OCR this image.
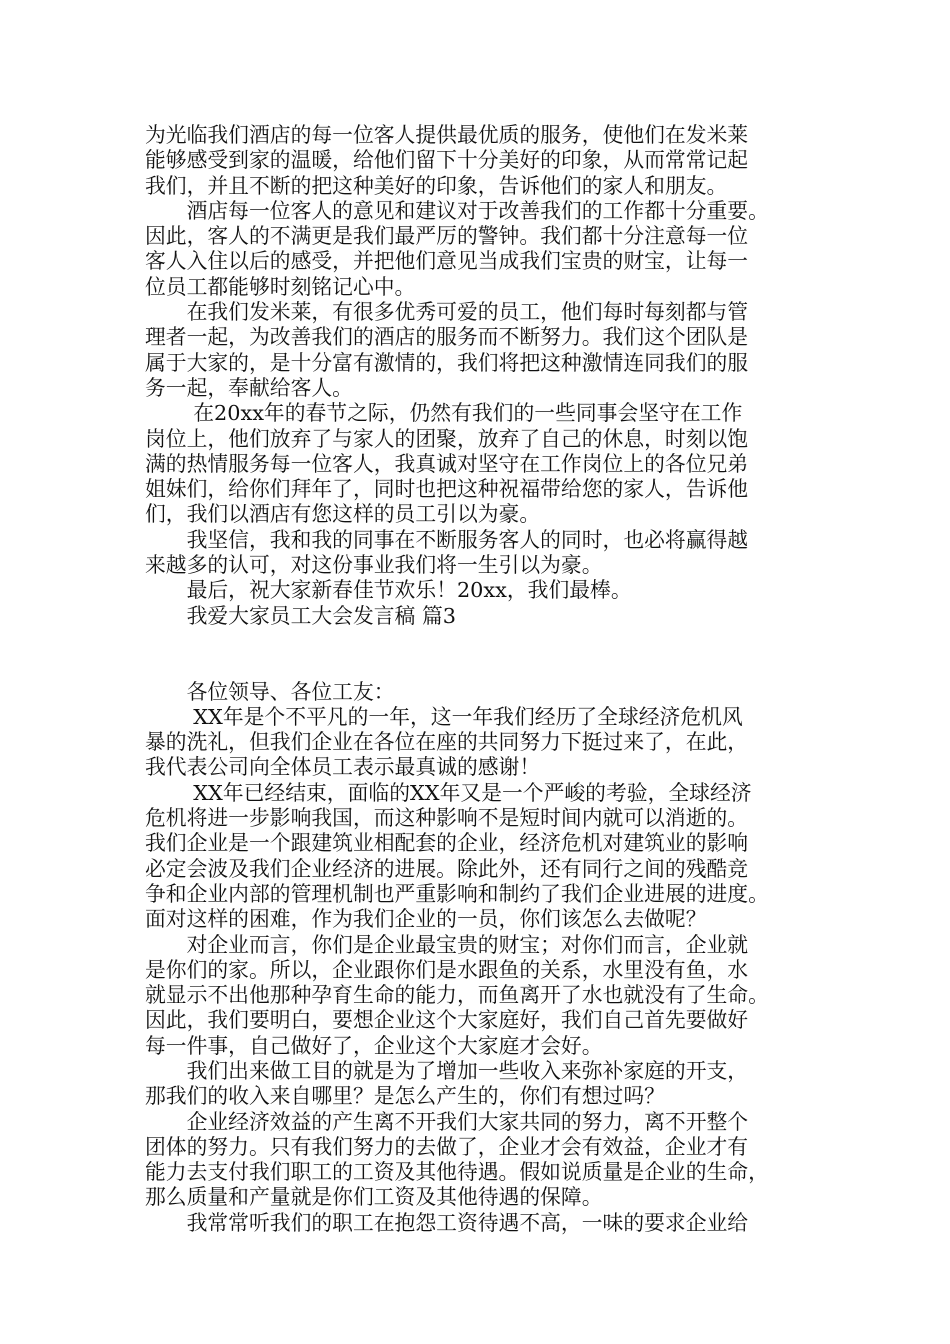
为光临我们酒店的每一位客人提供最优质的服务，使他们在发米莱
能够感受到家的温暖，给他们留下十分美好的印象，从而常常记起
我们，并且不断的把这种美好的印象，告诉他们的家人和朋友。
　　酒店每一位客人的意见和建议对于改善我们的工作都十分重要。
因此，客人的不满更是我们最严厉的警钟。我们都十分注意每一位
客人入住以后的感受，并把他们意见当成我们宝贵的财宝，让每一
位员工都能够时刻铭记心中。
　　在我们发米莱，有很多优秀可爱的员工，他们每时每刻都与管
理者一起，为改善我们的酒店的服务而不断努力。我们这个团队是
属于大家的，是十分富有激情的，我们将把这种激情连同我们的服
务一起，奉献给客人。
　　 在20xx年的春节之际，仍然有我们的一些同事会坚守在工作
岗位上，他们放弃了与家人的团聚，放弃了自己的休息，时刻以饱
满的热情服务每一位客人，我真诚对坚守在工作岗位上的各位兄弟
姐妹们，给你们拜年了，同时也把这种祝福带给您的家人，告诉他
们，我们以酒店有您这样的员工引以为豪。
　　我坚信，我和我的同事在不断服务客人的同时，也必将赢得越
来越多的认可，对这份事业我们将一生引以为豪。
　　最后，祝大家新春佳节欢乐！20xx，我们最棒。
　　我爱大家员工大会发言稿 篇3
　　各位领导、各位工友：
　　 XX年是个不平凡的一年，这一年我们经历了全球经济危机风
暴的洗礼，但我们企业在各位在座的共同努力下挺过来了，在此，
我代表公司向全体员工表示最真诚的感谢！
　　 XX年已经结束，面临的XX年又是一个严峻的考验，全球经济
危机将进一步影响我国，而这种影响不是短时间内就可以消逝的。
我们企业是一个跟建筑业相配套的企业，经济危机对建筑业的影响
必定会波及我们企业经济的进展。除此外，还有同行之间的残酷竞
争和企业内部的管理机制也严重影响和制约了我们企业进展的进度。
面对这样的困难，作为我们企业的一员，你们该怎么去做呢？
　　对企业而言，你们是企业最宝贵的财宝；对你们而言，企业就
是你们的家。所以，企业跟你们是水跟鱼的关系，水里没有鱼，水
就显示不出他那种孕育生命的能力，而鱼离开了水也就没有了生命。
因此，我们要明白，要想企业这个大家庭好，我们自己首先要做好
每一件事，自己做好了，企业这个大家庭才会好。
　　我们出来做工目的就是为了增加一些收入来弥补家庭的开支，
那我们的收入来自哪里？是怎么产生的，你们有想过吗？
　　企业经济效益的产生离不开我们大家共同的努力，离不开整个
团体的努力。只有我们努力的去做了，企业才会有效益，企业才有
能力去支付我们职工的工资及其他待遇。假如说质量是企业的生命，
那么质量和产量就是你们工资及其他待遇的保障。
　　我常常听我们的职工在抱怨工资待遇不高，一味的要求企业给
